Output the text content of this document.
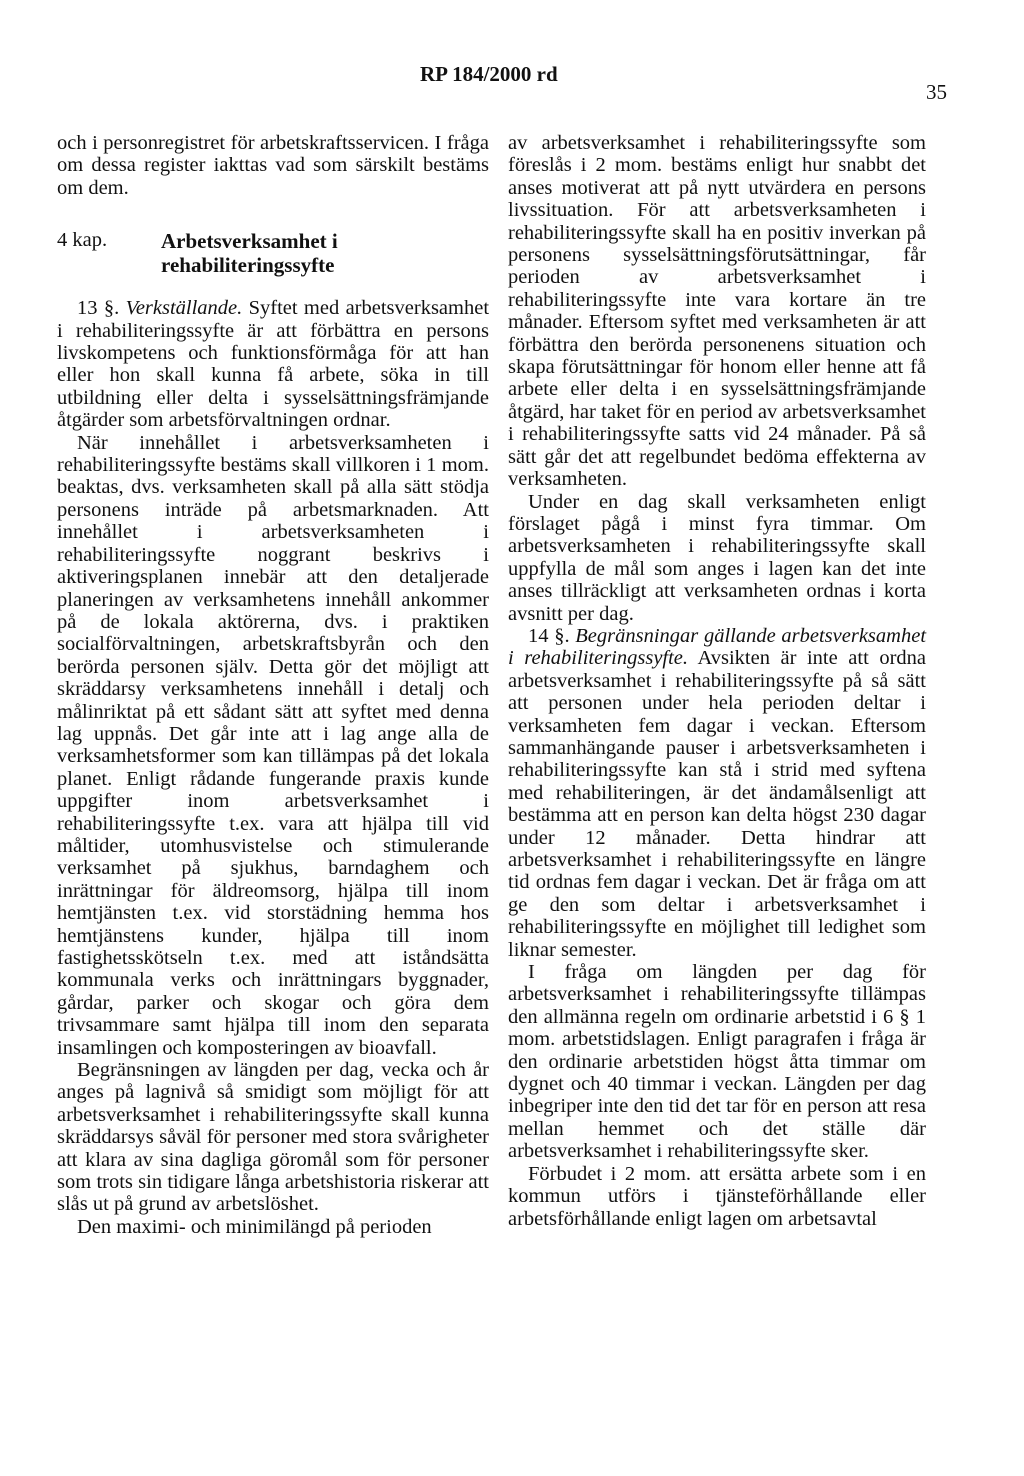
RP 184/2000 rd
35

och i personregistret för arbetskraftsservicen. I fråga om dessa register iakttas vad som särskilt bestäms om dem.

4 kap.	Arbetsverksamhet i rehabiliteringssyfte

13 §. Verkställande. Syftet med arbetsverksamhet i rehabiliteringssyfte är att förbättra en persons livskompetens och funktionsförmåga för att han eller hon skall kunna få arbete, söka in till utbildning eller delta i sysselsättningsfrämjande åtgärder som arbetsförvaltningen ordnar.

När innehållet i arbetsverksamheten i rehabiliteringssyfte bestäms skall villkoren i 1 mom. beaktas, dvs. verksamheten skall på alla sätt stödja personens inträde på arbetsmarknaden. Att innehållet i arbetsverksamheten i rehabiliteringssyfte noggrant beskrivs i aktiveringsplanen innebär att den detaljerade planeringen av verksamhetens innehåll ankommer på de lokala aktörerna, dvs. i praktiken socialförvaltningen, arbetskraftsbyrån och den berörda personen själv. Detta gör det möjligt att skräddarsy verksamhetens innehåll i detalj och målinriktat på ett sådant sätt att syftet med denna lag uppnås. Det går inte att i lag ange alla de verksamhetsformer som kan tillämpas på det lokala planet. Enligt rådande fungerande praxis kunde uppgifter inom arbetsverksamhet i rehabiliteringssyfte t.ex. vara att hjälpa till vid måltider, utomhusvistelse och stimulerande verksamhet på sjukhus, barndaghem och inrättningar för äldreomsorg, hjälpa till inom hemtjänsten t.ex. vid storstädning hemma hos hemtjänstens kunder, hjälpa till inom fastighetsskötseln t.ex. med att iståndsätta kommunala verks och inrättningars byggnader, gårdar, parker och skogar och göra dem trivsammare samt hjälpa till inom den separata insamlingen och komposteringen av bioavfall.

Begränsningen av längden per dag, vecka och år anges på lagnivå så smidigt som möjligt för att arbetsverksamhet i rehabiliteringssyfte skall kunna skräddarsys såväl för personer med stora svårigheter att klara av sina dagliga göromål som för personer som trots sin tidigare långa arbetshistoria riskerar att slås ut på grund av arbetslöshet.

Den maximi- och minimilängd på perioden

av arbetsverksamhet i rehabiliteringssyfte som föreslås i 2 mom. bestäms enligt hur snabbt det anses motiverat att på nytt utvärdera en persons livssituation. För att arbetsverksamheten i rehabiliteringssyfte skall ha en positiv inverkan på personens sysselsättningsförutsättningar, får perioden av arbetsverksamhet i rehabiliteringssyfte inte vara kortare än tre månader. Eftersom syftet med verksamheten är att förbättra den berörda personenens situation och skapa förutsättningar för honom eller henne att få arbete eller delta i en sysselsättningsfrämjande åtgärd, har taket för en period av arbetsverksamhet i rehabiliteringssyfte satts vid 24 månader. På så sätt går det att regelbundet bedöma effekterna av verksamheten.

Under en dag skall verksamheten enligt förslaget pågå i minst fyra timmar. Om arbetsverksamheten i rehabiliteringssyfte skall uppfylla de mål som anges i lagen kan det inte anses tillräckligt att verksamheten ordnas i korta avsnitt per dag.

14 §. Begränsningar gällande arbetsverksamhet i rehabiliteringssyfte. Avsikten är inte att ordna arbetsverksamhet i rehabiliteringssyfte på så sätt att personen under hela perioden deltar i verksamheten fem dagar i veckan. Eftersom sammanhängande pauser i arbetsverksamheten i rehabiliteringssyfte kan stå i strid med syftena med rehabiliteringen, är det ändamålsenligt att bestämma att en person kan delta högst 230 dagar under 12 månader. Detta hindrar att arbetsverksamhet i rehabiliteringssyfte en längre tid ordnas fem dagar i veckan. Det är fråga om att ge den som deltar i arbetsverksamhet i rehabiliteringssyfte en möjlighet till ledighet som liknar semester.

I fråga om längden per dag för arbetsverksamhet i rehabiliteringssyfte tillämpas den allmänna regeln om ordinarie arbetstid i 6 § 1 mom. arbetstidslagen. Enligt paragrafen i fråga är den ordinarie arbetstiden högst åtta timmar om dygnet och 40 timmar i veckan. Längden per dag inbegriper inte den tid det tar för en person att resa mellan hemmet och det ställe där arbetsverksamhet i rehabiliteringssyfte sker.

Förbudet i 2 mom. att ersätta arbete som i en kommun utförs i tjänsteförhållande eller arbetsförhållande enligt lagen om arbetsavtal
